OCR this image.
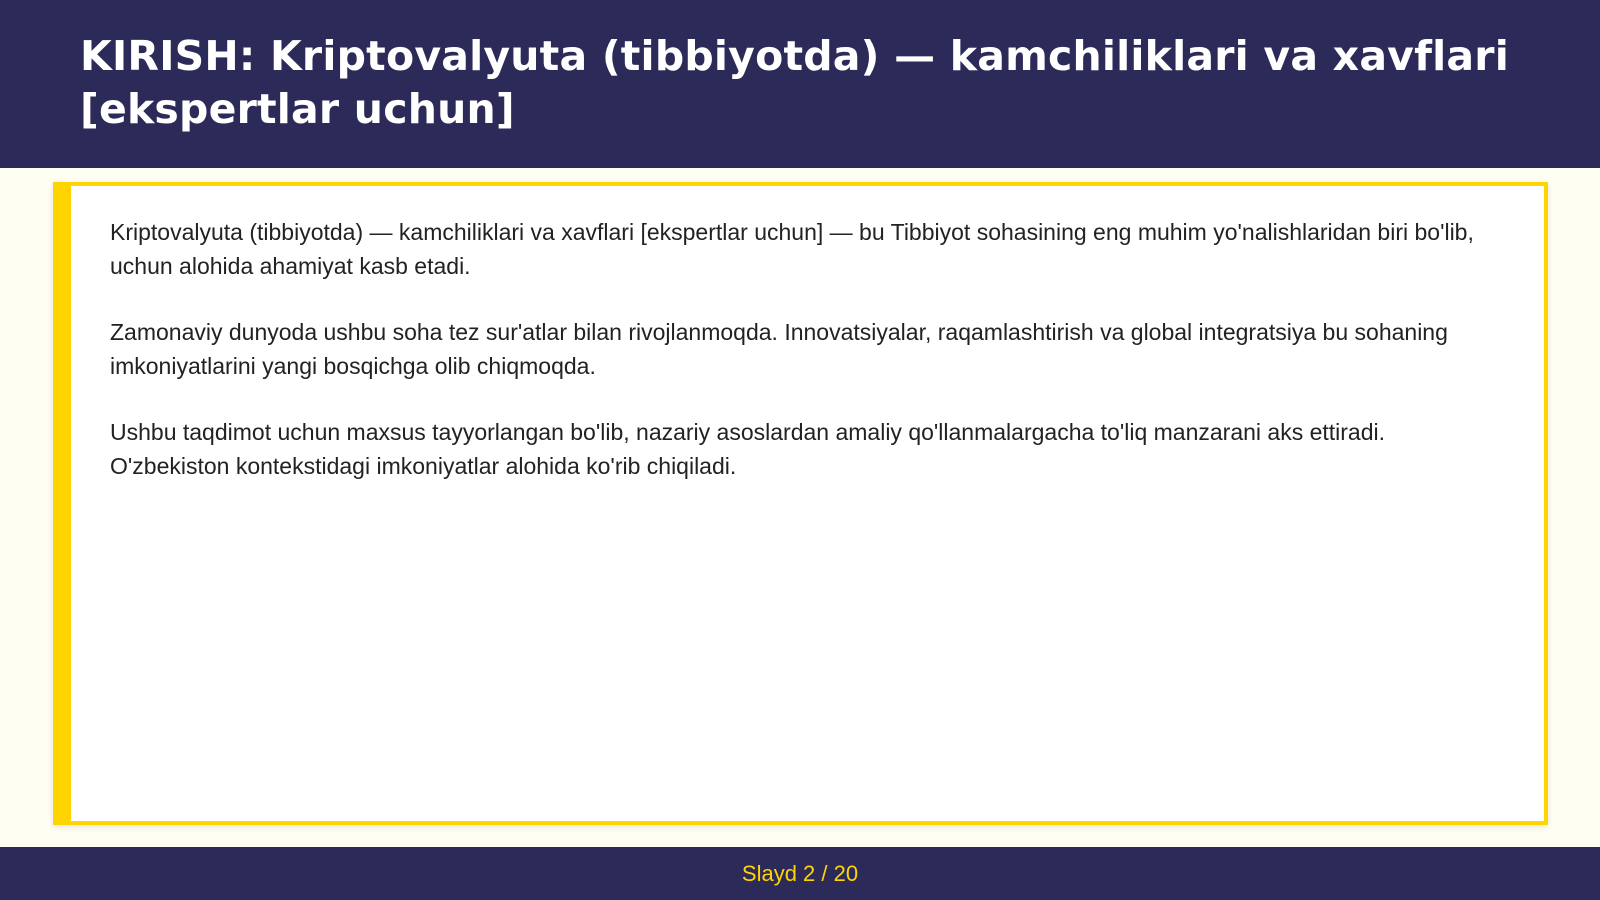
KIRISH: Kriptovalyuta (tibbiyotda) — kamchiliklari va xavflari [ekspertlar uchun]

Kriptovalyuta (tibbiyotda) — kamchiliklari va xavflari [ekspertlar uchun] — bu Tibbiyot sohasining eng muhim yo'nalishlaridan biri bo'lib, uchun alohida ahamiyat kasb etadi.

Zamonaviy dunyoda ushbu soha tez sur'atlar bilan rivojlanmoqda. Innovatsiyalar, raqamlashtirish va global integratsiya bu sohaning imkoniyatlarini yangi bosqichga olib chiqmoqda.

Ushbu taqdimot uchun maxsus tayyorlangan bo'lib, nazariy asoslardan amaliy qo'llanmalargacha to'liq manzarani aks ettiradi. O'zbekiston kontekstidagi imkoniyatlar alohida ko'rib chiqiladi.

Slayd 2 / 20
